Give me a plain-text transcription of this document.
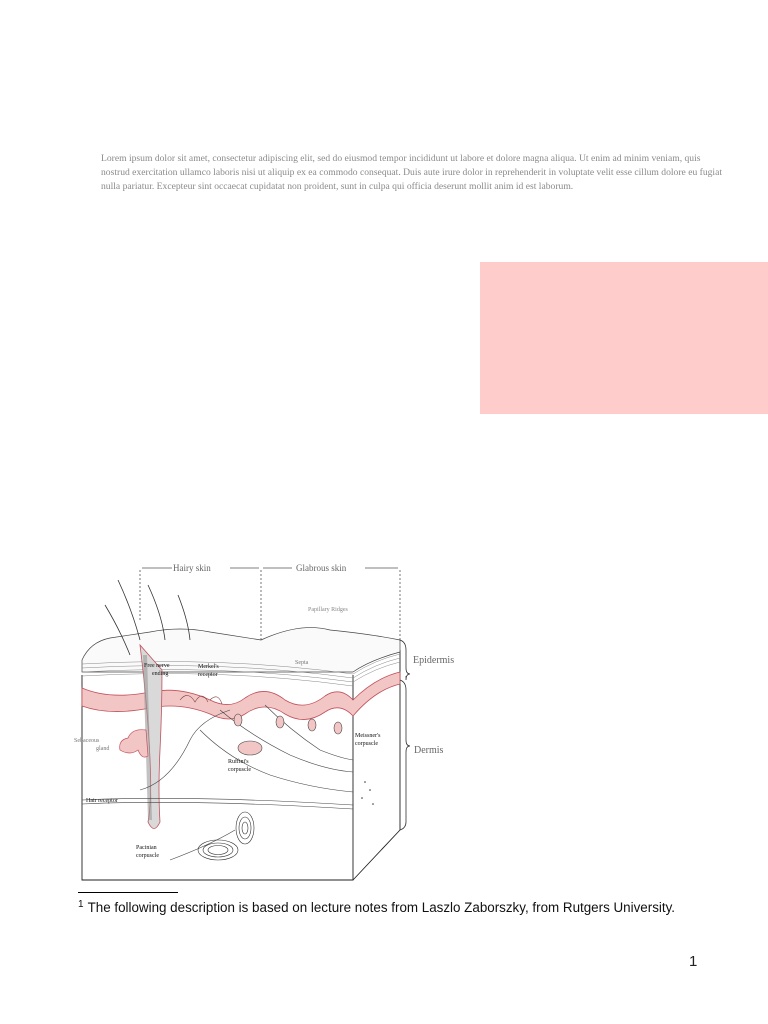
Lorem ipsum dolor sit amet, consectetur adipiscing elit, sed do eiusmod tempor incididunt ut labore et dolore magna aliqua. Ut enim ad minim veniam, quis nostrud exercitation ullamco laboris nisi ut aliquip ex ea commodo consequat. Duis aute irure dolor in reprehenderit in voluptate velit esse cillum dolore eu fugiat nulla pariatur. Excepteur sint occaecat cupidatat non proident, sunt in culpa qui officia deserunt mollit anim id est laborum.

Hairy skin	Glabrous skin
Papillary Ridges
Epidermis
Dermis
Septa
Free nerve
ending
Merkel's
receptor
Sebaceous
gland
Meissner's
corpuscle
Ruffini's
corpuscle
Hair receptor
Pacinian
corpuscle
$^1$ The following description is based on lecture notes from Laszlo Zaborszky, from Rutgers University.
1
